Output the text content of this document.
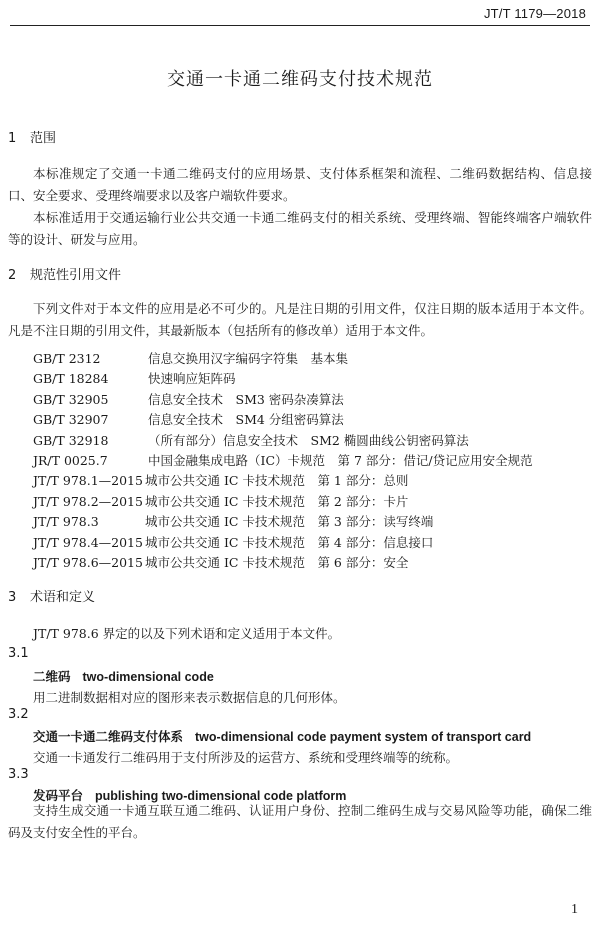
JT/T 1179—2018
交通一卡通二维码支付技术规范
1 范围

本标准规定了交通一卡通二维码支付的应用场景、支付体系框架和流程、二维码数据结构、信息接口、安全要求、受理终端要求以及客户端软件要求。

本标准适用于交通运输行业公共交通一卡通二维码支付的相关系统、受理终端、智能终端客户端软件等的设计、研发与应用。

2 规范性引用文件

下列文件对于本文件的应用是必不可少的。凡是注日期的引用文件，仅注日期的版本适用于本文件。凡是不注日期的引用文件，其最新版本（包括所有的修改单）适用于本文件。

GB/T 2312	信息交换用汉字编码字符集　基本集
GB/T 18284	快速响应矩阵码
GB/T 32905	信息安全技术　SM3 密码杂凑算法
GB/T 32907	信息安全技术　SM4 分组密码算法
GB/T 32918	（所有部分）信息安全技术　SM2 椭圆曲线公钥密码算法
JR/T 0025.7	中国金融集成电路（IC）卡规范　第 7 部分：借记/贷记应用安全规范
JT/T 978.1—2015 城市公共交通 IC 卡技术规范　第 1 部分：总则
JT/T 978.2—2015 城市公共交通 IC 卡技术规范　第 2 部分：卡片
JT/T 978.3	城市公共交通 IC 卡技术规范　第 3 部分：读写终端
JT/T 978.4—2015 城市公共交通 IC 卡技术规范　第 4 部分：信息接口
JT/T 978.6—2015 城市公共交通 IC 卡技术规范　第 6 部分：安全
3 术语和定义
JT/T 978.6 界定的以及下列术语和定义适用于本文件。
3.1
二维码 two-dimensional code
用二进制数据相对应的图形来表示数据信息的几何形体。
3.2
交通一卡通二维码支付体系 two-dimensional code payment system of transport card
交通一卡通发行二维码用于支付所涉及的运营方、系统和受理终端等的统称。
3.3
发码平台 publishing two-dimensional code platform

支持生成交通一卡通互联互通二维码、认证用户身份、控制二维码生成与交易风险等功能，确保二维码及支付安全性的平台。

1
